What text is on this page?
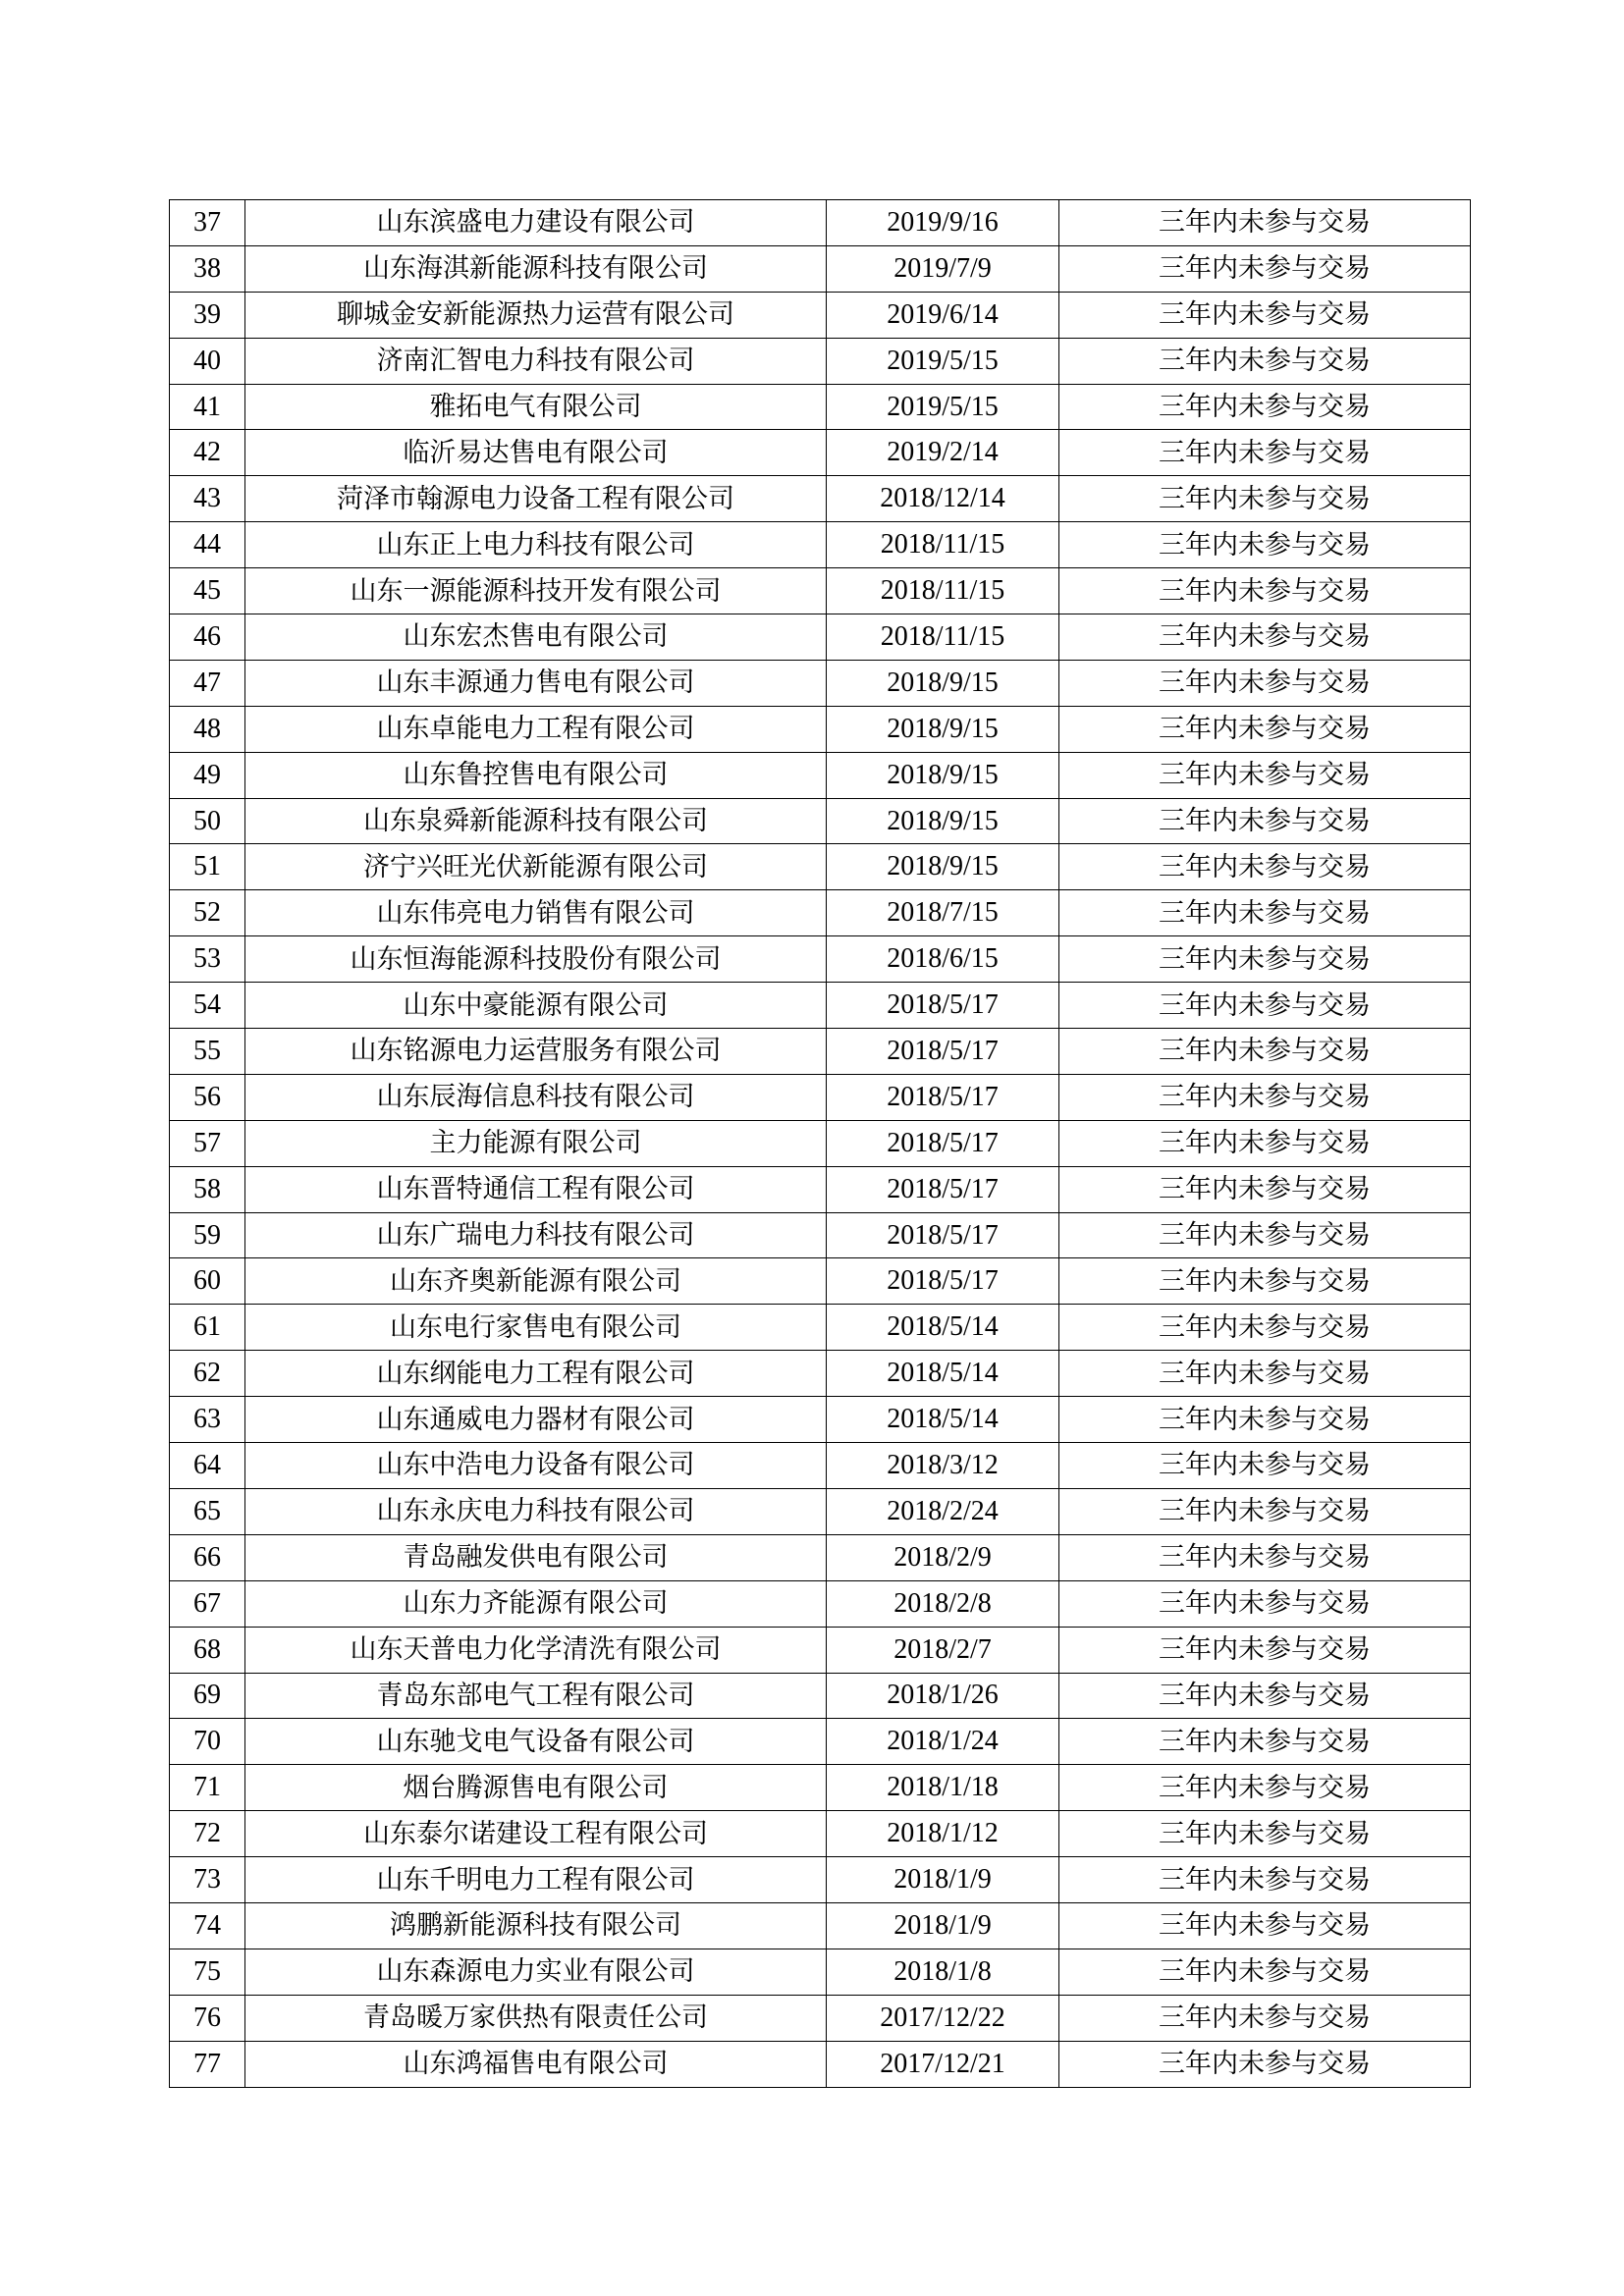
37	山东滨盛电力建设有限公司	2019/9/16	三年内未参与交易
38	山东海淇新能源科技有限公司	2019/7/9	三年内未参与交易
39	聊城金安新能源热力运营有限公司	2019/6/14	三年内未参与交易
40	济南汇智电力科技有限公司	2019/5/15	三年内未参与交易
41	雅拓电气有限公司	2019/5/15	三年内未参与交易
42	临沂易达售电有限公司	2019/2/14	三年内未参与交易
43	菏泽市翰源电力设备工程有限公司	2018/12/14	三年内未参与交易
44	山东正上电力科技有限公司	2018/11/15	三年内未参与交易
45	山东一源能源科技开发有限公司	2018/11/15	三年内未参与交易
46	山东宏杰售电有限公司	2018/11/15	三年内未参与交易
47	山东丰源通力售电有限公司	2018/9/15	三年内未参与交易
48	山东卓能电力工程有限公司	2018/9/15	三年内未参与交易
49	山东鲁控售电有限公司	2018/9/15	三年内未参与交易
50	山东泉舜新能源科技有限公司	2018/9/15	三年内未参与交易
51	济宁兴旺光伏新能源有限公司	2018/9/15	三年内未参与交易
52	山东伟亮电力销售有限公司	2018/7/15	三年内未参与交易
53	山东恒海能源科技股份有限公司	2018/6/15	三年内未参与交易
54	山东中豪能源有限公司	2018/5/17	三年内未参与交易
55	山东铭源电力运营服务有限公司	2018/5/17	三年内未参与交易
56	山东辰海信息科技有限公司	2018/5/17	三年内未参与交易
57	主力能源有限公司	2018/5/17	三年内未参与交易
58	山东晋特通信工程有限公司	2018/5/17	三年内未参与交易
59	山东广瑞电力科技有限公司	2018/5/17	三年内未参与交易
60	山东齐奥新能源有限公司	2018/5/17	三年内未参与交易
61	山东电行家售电有限公司	2018/5/14	三年内未参与交易
62	山东纲能电力工程有限公司	2018/5/14	三年内未参与交易
63	山东通威电力器材有限公司	2018/5/14	三年内未参与交易
64	山东中浩电力设备有限公司	2018/3/12	三年内未参与交易
65	山东永庆电力科技有限公司	2018/2/24	三年内未参与交易
66	青岛融发供电有限公司	2018/2/9	三年内未参与交易
67	山东力齐能源有限公司	2018/2/8	三年内未参与交易
68	山东天普电力化学清洗有限公司	2018/2/7	三年内未参与交易
69	青岛东部电气工程有限公司	2018/1/26	三年内未参与交易
70	山东驰戈电气设备有限公司	2018/1/24	三年内未参与交易
71	烟台腾源售电有限公司	2018/1/18	三年内未参与交易
72	山东泰尔诺建设工程有限公司	2018/1/12	三年内未参与交易
73	山东千明电力工程有限公司	2018/1/9	三年内未参与交易
74	鸿鹏新能源科技有限公司	2018/1/9	三年内未参与交易
75	山东森源电力实业有限公司	2018/1/8	三年内未参与交易
76	青岛暖万家供热有限责任公司	2017/12/22	三年内未参与交易
77	山东鸿福售电有限公司	2017/12/21	三年内未参与交易
